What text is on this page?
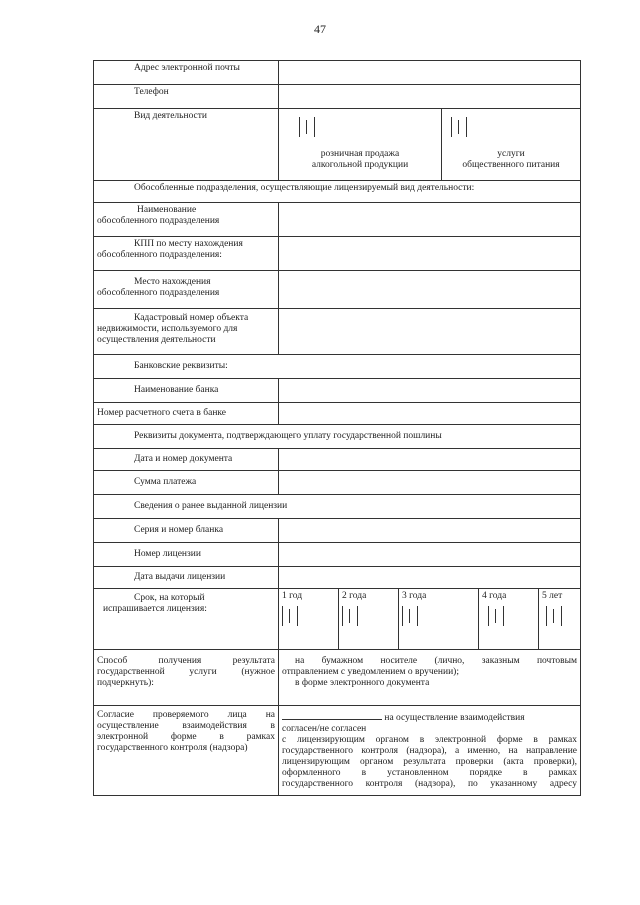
47
Адрес электронной почты	
Телефон	
Вид деятельности	
розничная продажа
алкогольной продукции

услуги
общественного питания

Обособленные подразделения, осуществляющие лицензируемый вид деятельности:

Наименование
обособленного подразделения

КПП по месту нахождения
обособленного подразделения:

Место нахождения
обособленного подразделения

Кадастровый номер объекта
недвижимости, используемого для
осуществления деятельности

Банковские реквизиты:
Наименование банка	
Номер расчетного счета в банке	
Реквизиты документа, подтверждающего уплату государственной пошлины
Дата и номер документа	
Сумма платежа	
Сведения о ранее выданной лицензии
Серия и номер бланка	
Номер лицензии	
Дата выдачи лицензии	

Срок, на который
испрашивается лицензия:

1 год	2 года	3 года	4 года	5 лет

Способ получения результата
государственной услуги (нужное
подчеркнуть):

на бумажном носителе (лично, заказным почтовым
отправлением с уведомлением о вручении);
в форме электронного документа

Согласие проверяемого лица на
осуществление взаимодействия в
электронной форме в рамках
государственного контроля (надзора)

на осуществление взаимодействия
согласен/не согласен
с лицензирующим органом в электронной форме в рамках
государственного контроля (надзора), а именно, на направление
лицензирующим органом результата проверки (акта проверки),
оформленного в установленном порядке в рамках
государственного контроля (надзора), по указанному адресу
